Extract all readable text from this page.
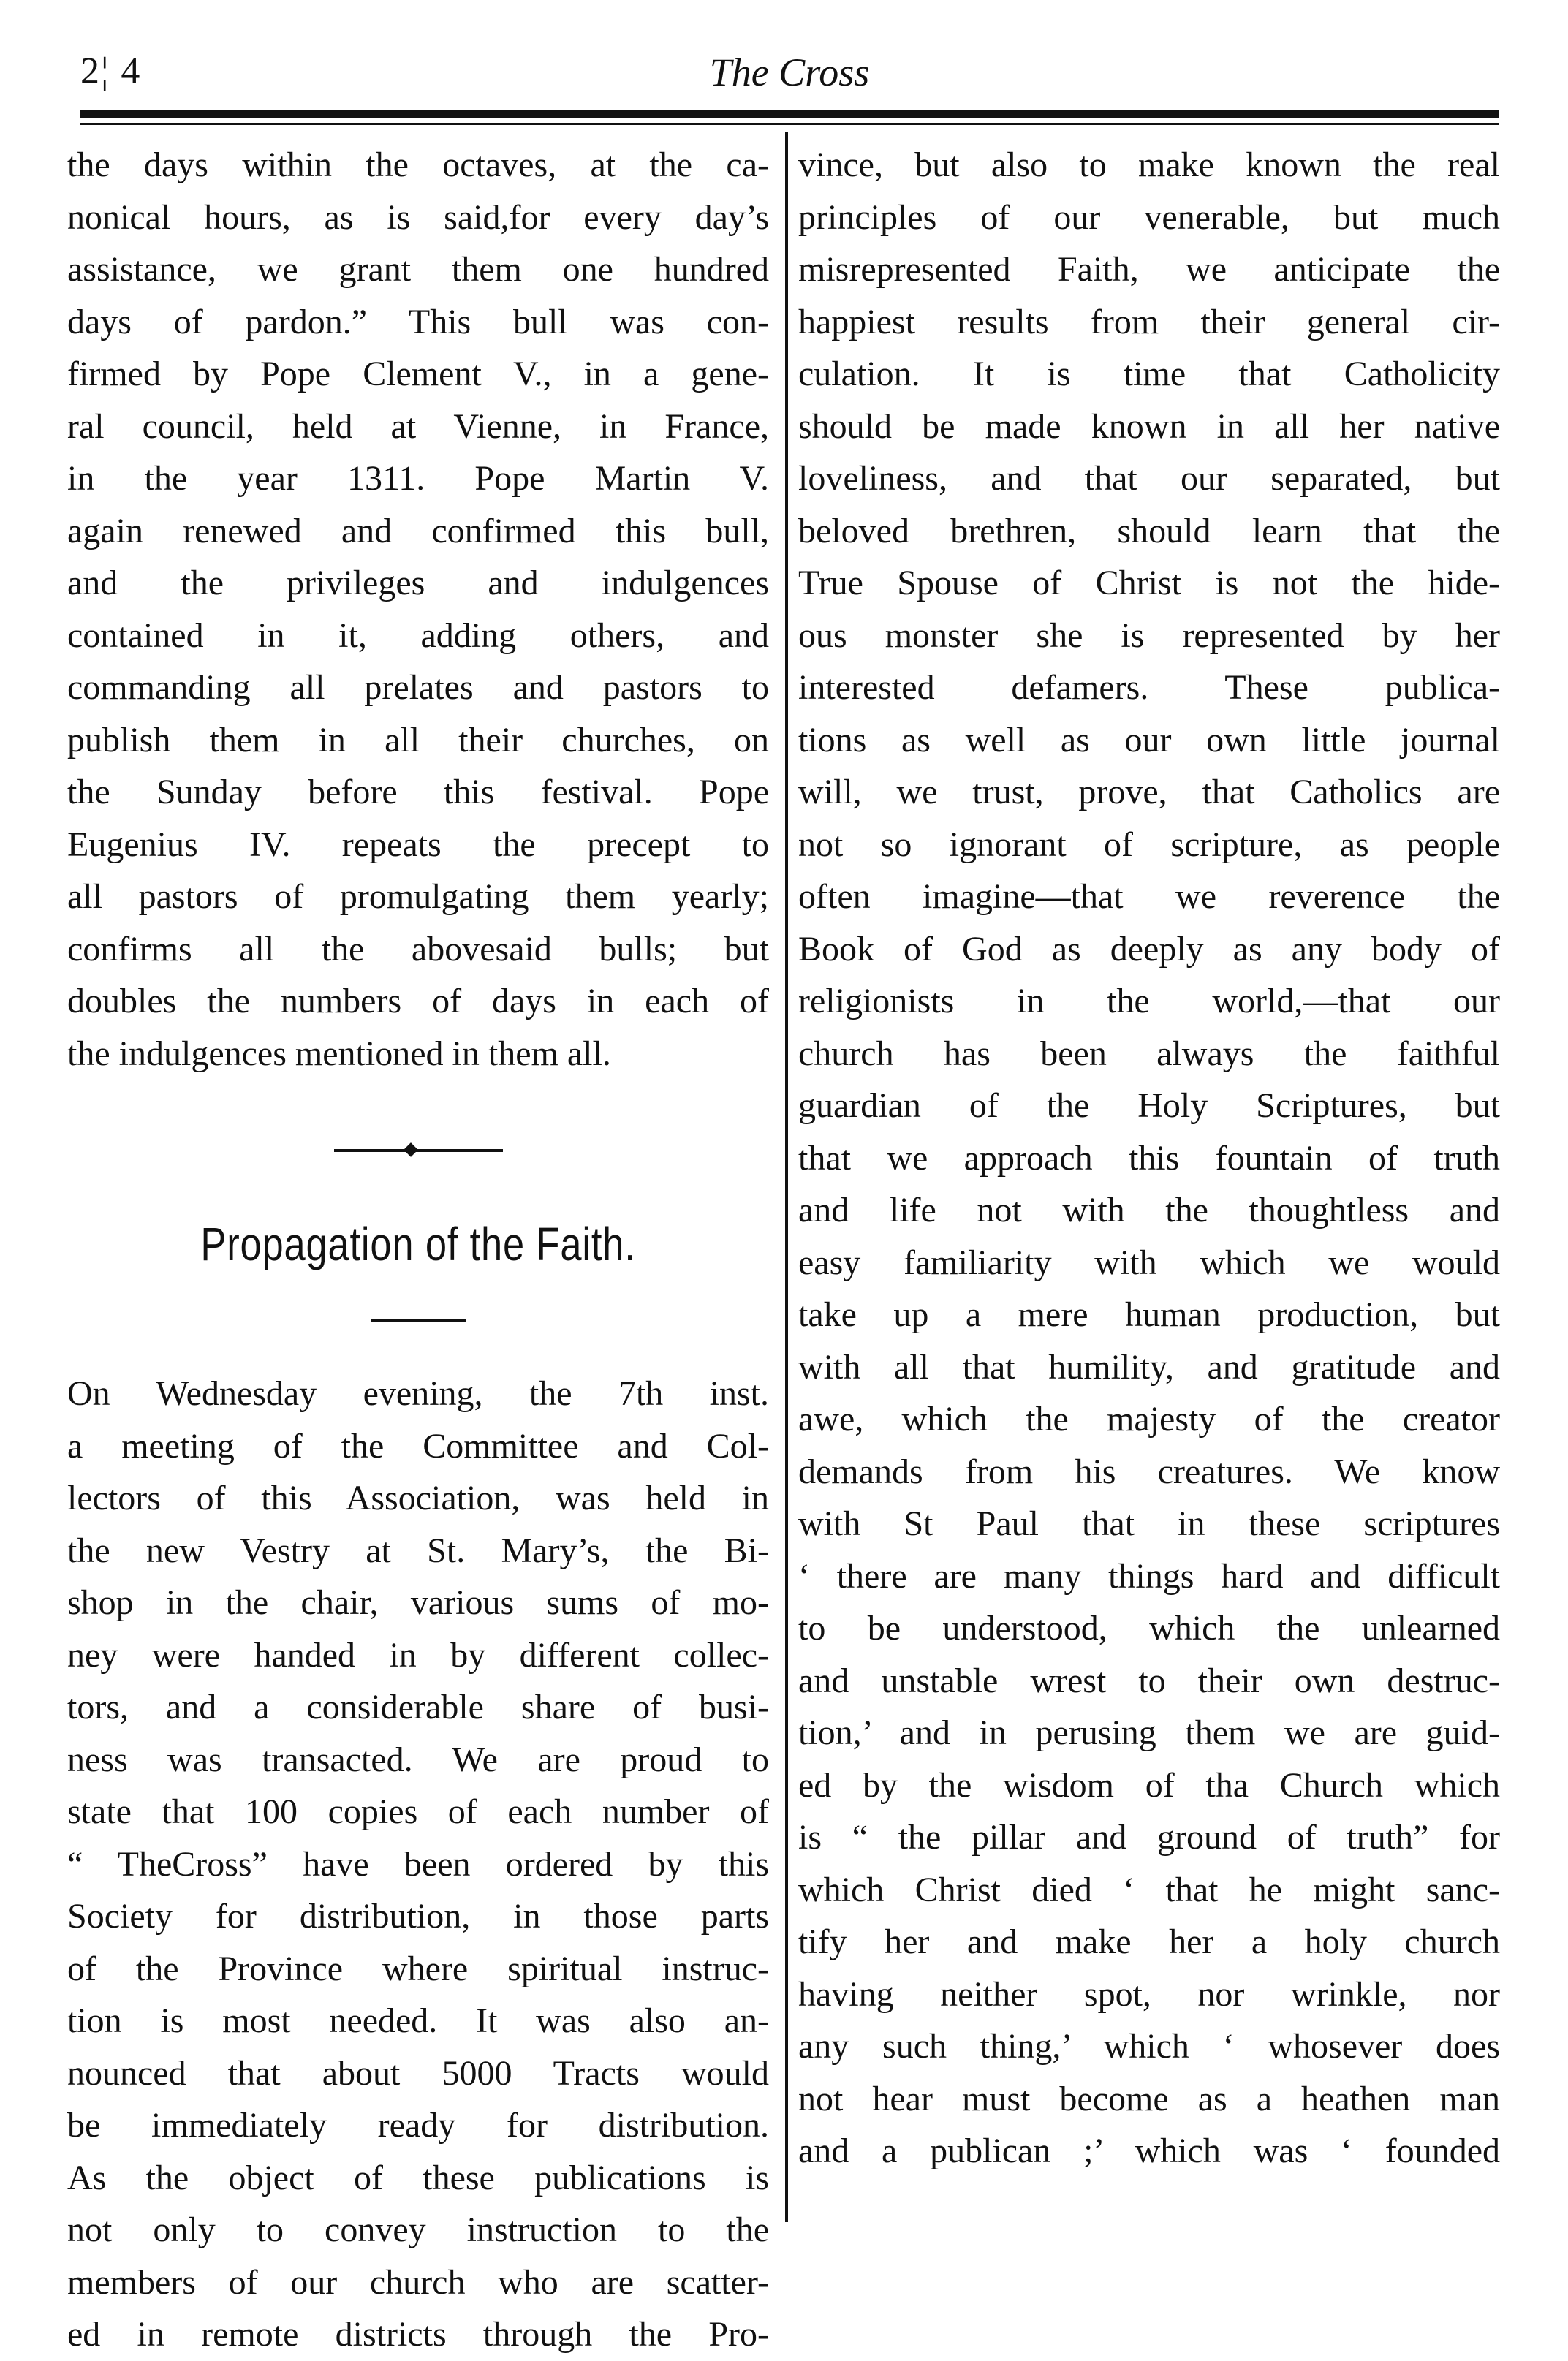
2¦ 4	The Cross
the days within the octaves, at the ca-
nonical hours, as is said,for every day’s
assistance, we grant them one hundred
days of pardon.” This bull was con-
firmed by Pope Clement V., in a gene-
ral council, held at Vienne, in France,
in the year 1311. Pope Martin V.
again renewed and confirmed this bull,
and the privileges and indulgences
contained in it, adding others, and
commanding all prelates and pastors to
publish them in all their churches, on
the Sunday before this festival. Pope
Eugenius IV. repeats the precept to
all pastors of promulgating them yearly;
confirms all the abovesaid bulls; but
doubles the numbers of days in each of
the indulgences mentioned in them all.
Propagation of the Faith.
On Wednesday evening, the 7th inst.
a meeting of the Committee and Col-
lectors of this Association, was held in
the new Vestry at St. Mary’s, the Bi-
shop in the chair, various sums of mo-
ney were handed in by different collec-
tors, and a considerable share of busi-
ness was transacted. We are proud to
state that 100 copies of each number of
“ TheCross” have been ordered by this
Society for distribution, in those parts
of the Province where spiritual instruc-
tion is most needed. It was also an-
nounced that about 5000 Tracts would
be immediately ready for distribution.
As the object of these publications is
not only to convey instruction to the
members of our church who are scatter-
ed in remote districts through the Pro-
vince, but also to make known the real
principles of our venerable, but much
misrepresented Faith, we anticipate the
happiest results from their general cir-
culation. It is time that Catholicity
should be made known in all her native
loveliness, and that our separated, but
beloved brethren, should learn that the
True Spouse of Christ is not the hide-
ous monster she is represented by her
interested defamers. These publica-
tions as well as our own little journal
will, we trust, prove, that Catholics are
not so ignorant of scripture, as people
often imagine—that we reverence the
Book of God as deeply as any body of
religionists in the world,—that our
church has been always the faithful
guardian of the Holy Scriptures, but
that we approach this fountain of truth
and life not with the thoughtless and
easy familiarity with which we would
take up a mere human production, but
with all that humility, and gratitude and
awe, which the majesty of the creator
demands from his creatures. We know
with St Paul that in these scriptures
‘ there are many things hard and difficult
to be understood, which the unlearned
and unstable wrest to their own destruc-
tion,’ and in perusing them we are guid-
ed by the wisdom of tha Church which
is “ the pillar and ground of truth” for
which Christ died ‘ that he might sanc-
tify her and make her a holy church
having neither spot, nor wrinkle, nor
any such thing,’ which ‘ whosever does
not hear must become as a heathen man
and a publican ;’ which was ‘ founded
